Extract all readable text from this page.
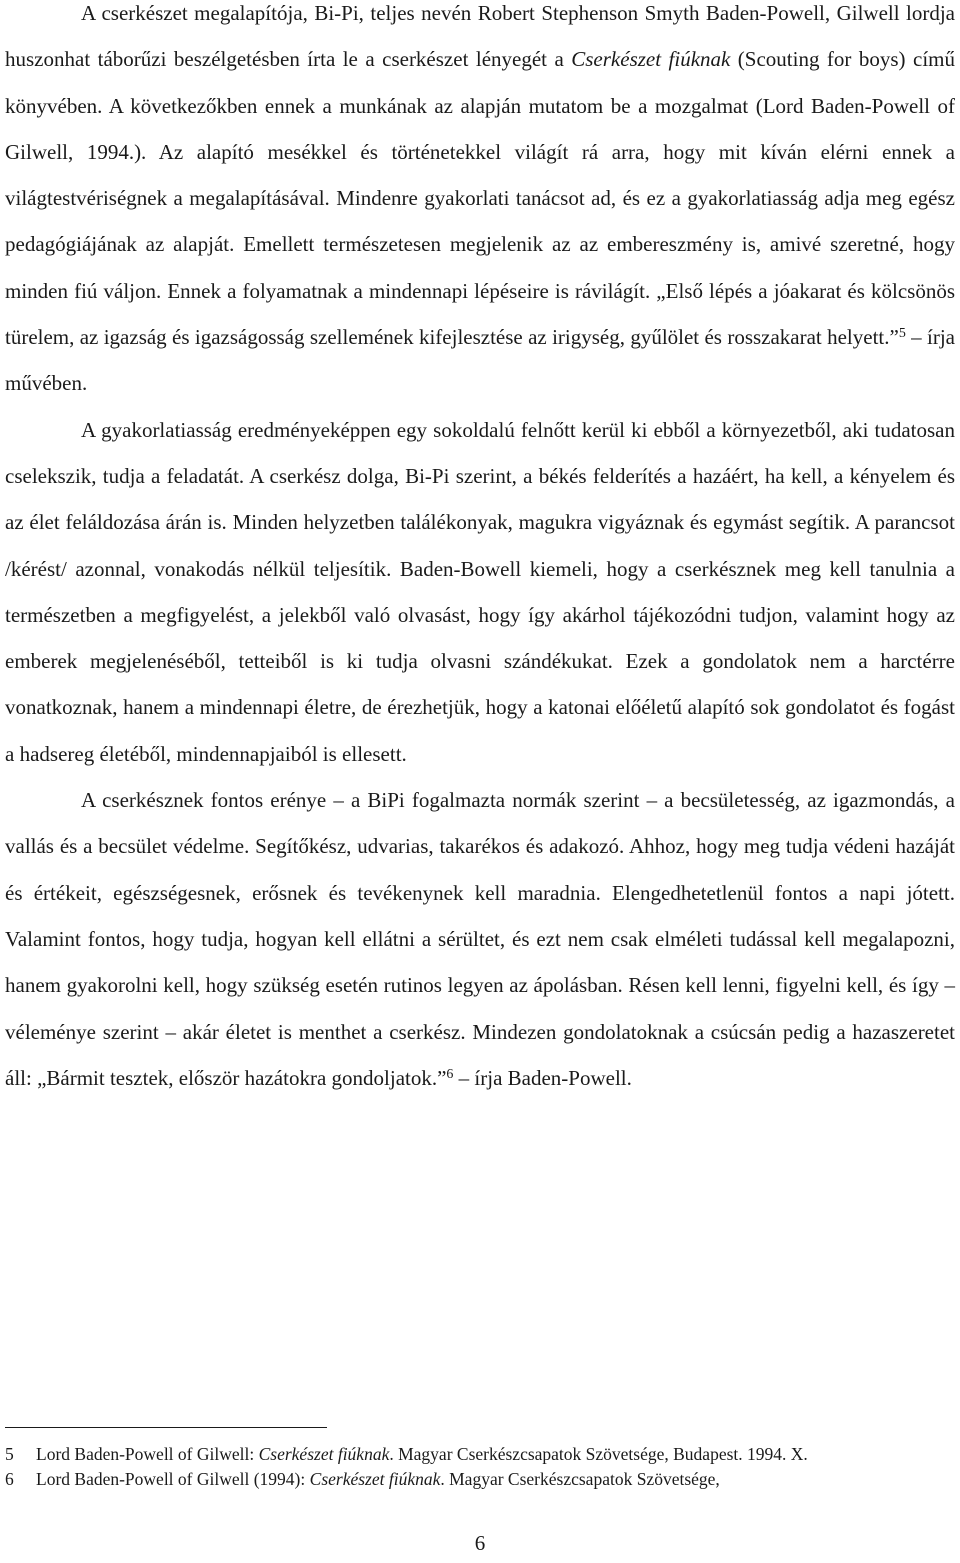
A cserkészet megalapítója, Bi-Pi, teljes nevén Robert Stephenson Smyth Baden-Powell, Gilwell lordja huszonhat táborűzi beszélgetésben írta le a cserkészet lényegét a Cserkészet fiúknak (Scouting for boys) című könyvében. A következőkben ennek a munkának az alapján mutatom be a mozgalmat (Lord Baden-Powell of Gilwell, 1994.). Az alapító mesékkel és történetekkel világít rá arra, hogy mit kíván elérni ennek a világtestvériségnek a megalapításával. Mindenre gyakorlati tanácsot ad, és ez a gyakorlatiasság adja meg egész pedagógiájának az alapját. Emellett természetesen megjelenik az az embereszmény is, amivé szeretné, hogy minden fiú váljon. Ennek a folyamatnak a mindennapi lépéseire is rávilágít. „Első lépés a jóakarat és kölcsönös türelem, az igazság és igazságosság szellemének kifejlesztése az irigység, gyűlölet és rosszakarat helyett.”$^5$ – írja művében.

A gyakorlatiasság eredményeképpen egy sokoldalú felnőtt kerül ki ebből a környezetből, aki tudatosan cselekszik, tudja a feladatát. A cserkész dolga, Bi-Pi szerint, a békés felderítés a hazáért, ha kell, a kényelem és az élet feláldozása árán is. Minden helyzetben találékonyak, magukra vigyáznak és egymást segítik. A parancsot /kérést/ azonnal, vonakodás nélkül teljesítik. Baden-Bowell kiemeli, hogy a cserkésznek meg kell tanulnia a természetben a megfigyelést, a jelekből való olvasást, hogy így akárhol tájékozódni tudjon, valamint hogy az emberek megjelenéséből, tetteiből is ki tudja olvasni szándékukat. Ezek a gondolatok nem a harctérre vonatkoznak, hanem a mindennapi életre, de érezhetjük, hogy a katonai előéletű alapító sok gondolatot és fogást a hadsereg életéből, mindennapjaiból is ellesett.

A cserkésznek fontos erénye – a BiPi fogalmazta normák szerint – a becsületesség, az igazmondás, a vallás és a becsület védelme. Segítőkész, udvarias, takarékos és adakozó. Ahhoz, hogy meg tudja védeni hazáját és értékeit, egészségesnek, erősnek és tevékenynek kell maradnia. Elengedhetetlenül fontos a napi jótett. Valamint fontos, hogy tudja, hogyan kell ellátni a sérültet, és ezt nem csak elméleti tudással kell megalapozni, hanem gyakorolni kell, hogy szükség esetén rutinos legyen az ápolásban. Résen kell lenni, figyelni kell, és így – véleménye szerint – akár életet is menthet a cserkész. Mindezen gondolatoknak a csúcsán pedig a hazaszeretet áll: „Bármit tesztek, először hazátokra gondoljatok.”$^6$ – írja Baden-Powell.

5 Lord Baden-Powell of Gilwell: Cserkészet fiúknak. Magyar Cserkészcsapatok Szövetsége, Budapest. 1994. X.
6 Lord Baden-Powell of Gilwell (1994): Cserkészet fiúknak. Magyar Cserkészcsapatok Szövetsége,
6
